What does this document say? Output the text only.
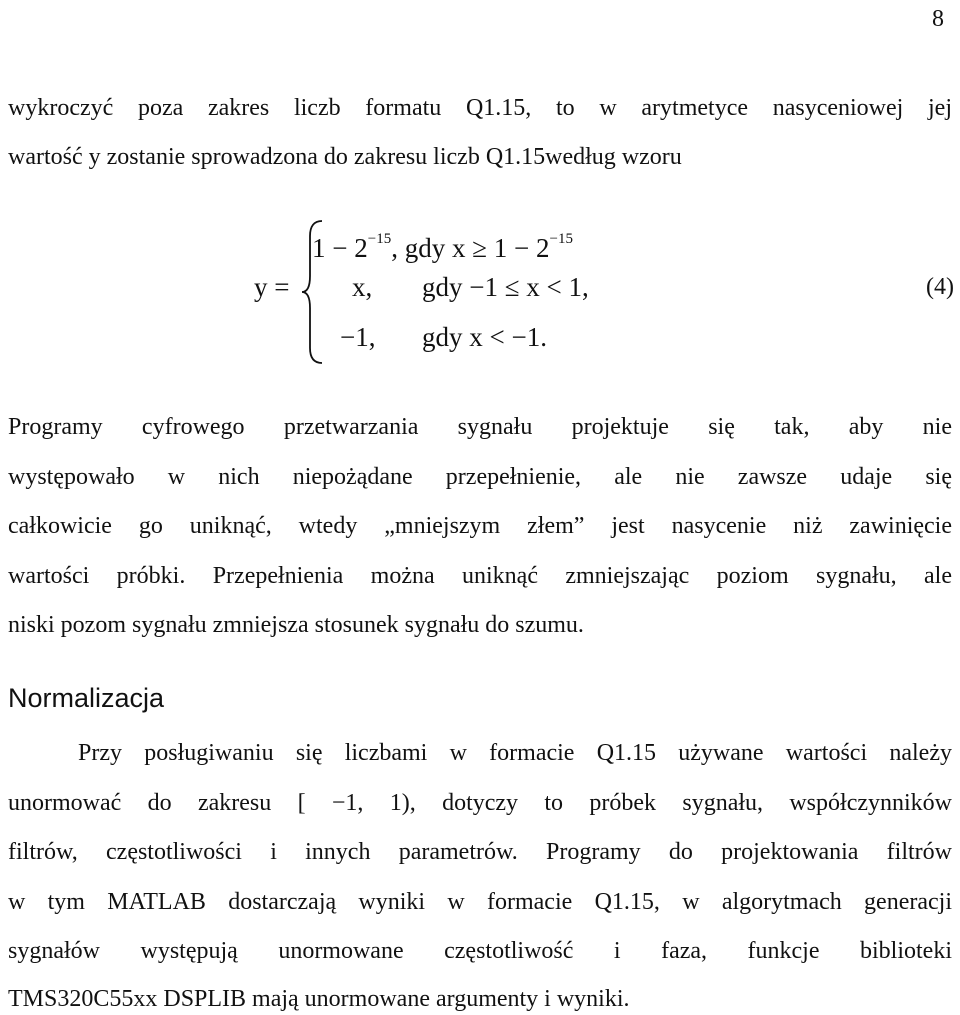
8
wykroczyć poza zakres liczb formatu Q1.15, to w arytmetyce nasyceniowej jej
wartość y zostanie sprowadzona do zakresu liczb Q1.15według wzoru
y =
$1 - 2^{-15}$, gdy $x \ge 1 - 2^{-15}$
x, gdy −1 ≤ x < 1,
−1, gdy x < −1.
(4)
Programy cyfrowego przetwarzania sygnału projektuje się tak, aby nie
występowało w nich niepożądane przepełnienie, ale nie zawsze udaje się
całkowicie go uniknąć, wtedy „mniejszym złem” jest nasycenie niż zawinięcie
wartości próbki. Przepełnienia można uniknąć zmniejszając poziom sygnału, ale
niski pozom sygnału zmniejsza stosunek sygnału do szumu.
Normalizacja
Przy posługiwaniu się liczbami w formacie Q1.15 używane wartości należy
unormować do zakresu [ −1, 1), dotyczy to próbek sygnału, współczynników
filtrów, częstotliwości i innych parametrów. Programy do projektowania filtrów
w tym MATLAB dostarczają wyniki w formacie Q1.15, w algorytmach generacji
sygnałów występują unormowane częstotliwość i faza, funkcje biblioteki
TMS320C55xx DSPLIB mają unormowane argumenty i wyniki.
